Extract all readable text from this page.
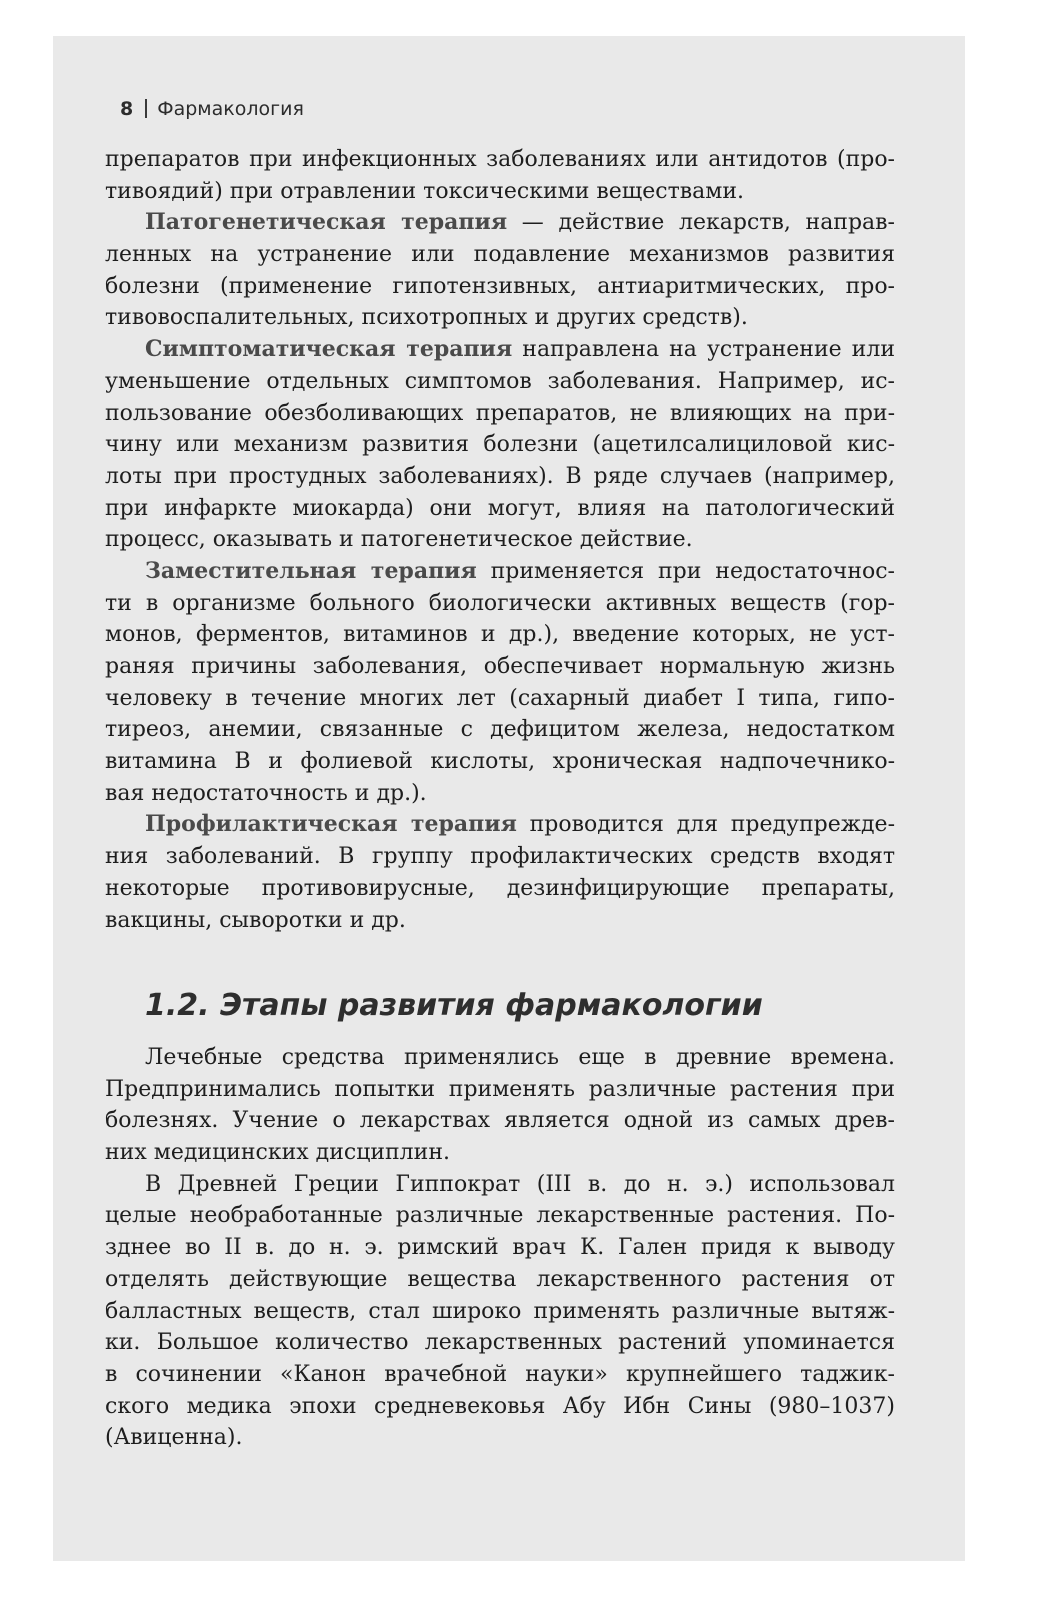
8 Фармакология
препаратов при инфекционных заболеваниях или антидотов (про-
тивоядий) при отравлении токсическими веществами.
Патогенетическая терапия — действие лекарств, направ-
ленных на устранение или подавление механизмов развития
болезни (применение гипотензивных, антиаритмических, про-
тивовоспалительных, психотропных и других средств).
Симптоматическая терапия направлена на устранение или
уменьшение отдельных симптомов заболевания. Например, ис-
пользование обезболивающих препаратов, не влияющих на при-
чину или механизм развития болезни (ацетилсалициловой кис-
лоты при простудных заболеваниях). В ряде случаев (например,
при инфаркте миокарда) они могут, влияя на патологический
процесс, оказывать и патогенетическое действие.
Заместительная терапия применяется при недостаточнос-
ти в организме больного биологически активных веществ (гор-
монов, ферментов, витаминов и др.), введение которых, не уст-
раняя причины заболевания, обеспечивает нормальную жизнь
человеку в течение многих лет (сахарный диабет I типа, гипо-
тиреоз, анемии, связанные с дефицитом железа, недостатком
витамина В и фолиевой кислоты, хроническая надпочечнико-
вая недостаточность и др.).
Профилактическая терапия проводится для предупрежде-
ния заболеваний. В группу профилактических средств входят
некоторые противовирусные, дезинфицирующие препараты,
вакцины, сыворотки и др.
1.2. Этапы развития фармакологии
Лечебные средства применялись еще в древние времена.
Предпринимались попытки применять различные растения при
болезнях. Учение о лекарствах является одной из самых древ-
них медицинских дисциплин.
В Древней Греции Гиппократ (III в. до н. э.) использовал
целые необработанные различные лекарственные растения. По-
зднее во II в. до н. э. римский врач К. Гален придя к выводу
отделять действующие вещества лекарственного растения от
балластных веществ, стал широко применять различные вытяж-
ки. Большое количество лекарственных растений упоминается
в сочинении «Канон врачебной науки» крупнейшего таджик-
ского медика эпохи средневековья Абу Ибн Сины (980–1037)
(Авиценна).
